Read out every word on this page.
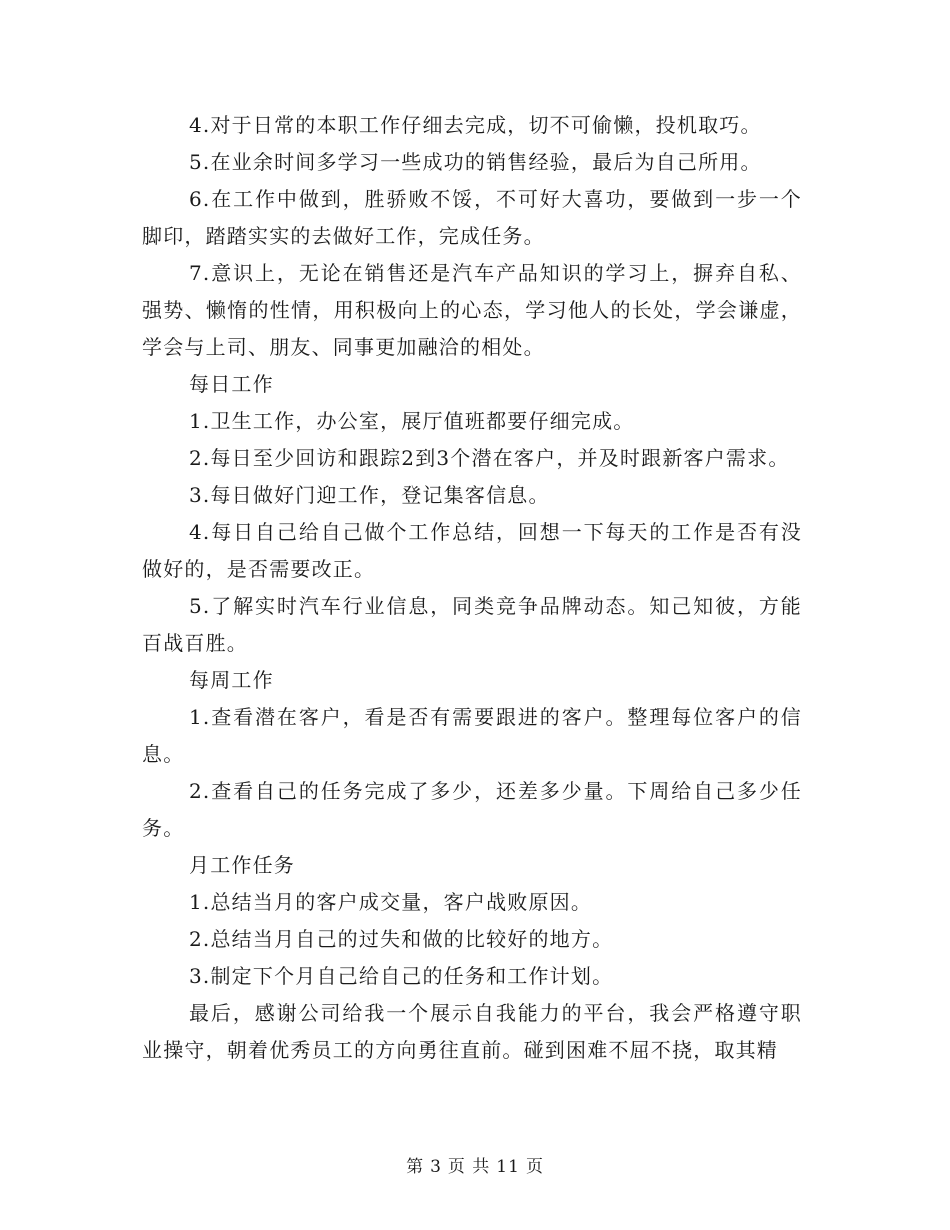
4.对于日常的本职工作仔细去完成，切不可偷懒，投机取巧。

5.在业余时间多学习一些成功的销售经验，最后为自己所用。

6.在工作中做到，胜骄败不馁，不可好大喜功，要做到一步一个脚印，踏踏实实的去做好工作，完成任务。

7.意识上，无论在销售还是汽车产品知识的学习上，摒弃自私、强势、懒惰的性情，用积极向上的心态，学习他人的长处，学会谦虚，学会与上司、朋友、同事更加融洽的相处。

每日工作

1.卫生工作，办公室，展厅值班都要仔细完成。

2.每日至少回访和跟踪2到3个潜在客户，并及时跟新客户需求。

3.每日做好门迎工作，登记集客信息。

4.每日自己给自己做个工作总结，回想一下每天的工作是否有没做好的，是否需要改正。

5.了解实时汽车行业信息，同类竞争品牌动态。知己知彼，方能百战百胜。

每周工作

1.查看潜在客户，看是否有需要跟进的客户。整理每位客户的信息。

2.查看自己的任务完成了多少，还差多少量。下周给自己多少任务。

月工作任务

1.总结当月的客户成交量，客户战败原因。

2.总结当月自己的过失和做的比较好的地方。

3.制定下个月自己给自己的任务和工作计划。

最后，感谢公司给我一个展示自我能力的平台，我会严格遵守职业操守，朝着优秀员工的方向勇往直前。碰到困难不屈不挠，取其精

第 3 页 共 11 页
